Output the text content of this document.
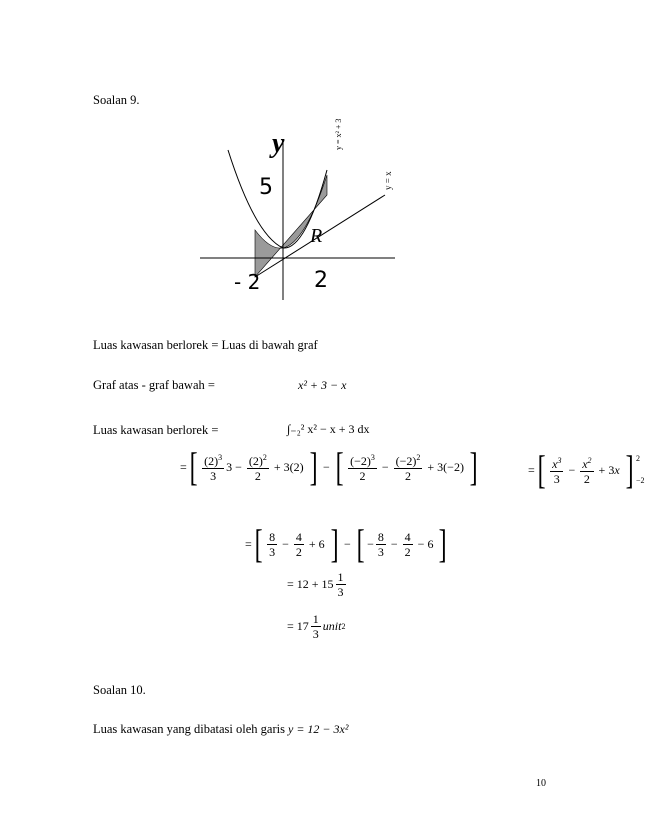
Soalan 9.
y
5
- 2 2
R
y = x² + 3
y = x
Luas kawasan berlorek = Luas di bawah graf
Graf atas - graf bawah =	x² + 3 − x
Luas kawasan berlorek =	∫₋₂² x² − x + 3 dx
= [ $\frac{x^3}{3} - \frac{x^2}{2} + 3x$ ] 2
−2
= [ $\frac{(2)^3}{3} 3 - \frac{(2)^2}{2} + 3(2)$ ] − [ $\frac{(-2)^3}{2} - \frac{(-2)^2}{2} + 3(-2)$ ]
= [ $\frac{8}{3} - \frac{4}{2} + 6$ ] − [ − $\frac{8}{3} - \frac{4}{2} - 6$ ]
= $12 + 15 \frac{1}{3}$
= $17 \frac{1}{3}$ unit 2
Soalan 10.
Luas kawasan yang dibatasi oleh garis y = 12 − 3x²
10
